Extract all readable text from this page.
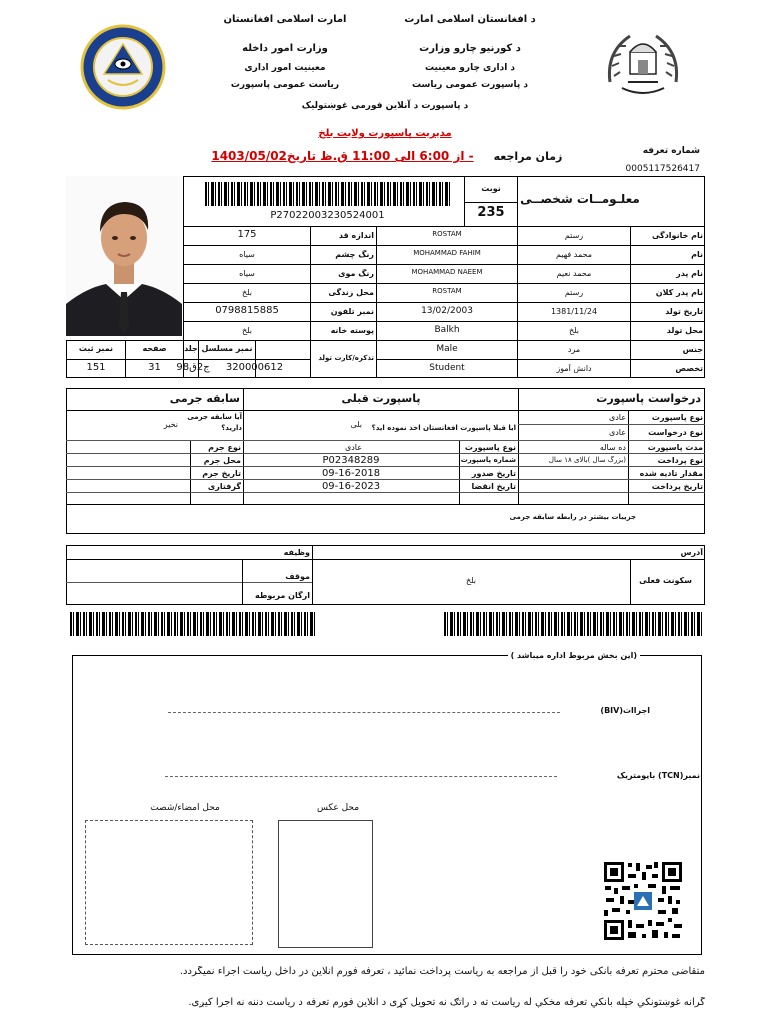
د افغانستان اسلامی امارت
امارت اسلامی افغانستان
د کورنیو چارو وزارت
وزارت امور داخله
د اداری چارو معینیت
معینیت امور اداری
د پاسپورت عمومی ریاست
ریاست عمومی پاسپورت
د پاسپورت د آنلاین فورمی غوښتولیک
مدیریت پاسپورت ولایت بلخ
زمان مراجعه
- از 6:00 الی 11:00 ق.ظ تاریخ1403/05/02	شماره تعرفه
0005117526417
معلـومــات شخصــی
نوبت
235
P27022003230524001
نام خانوادگی
نام
نام پدر
نام پدر کلان
تاریخ تولد
محل تولد
جنس
تخصص
رستم
محمد فهیم
محمد نعیم
رستم
1381/11/24
بلخ
مرد
دانش آموز
ROSTAM
MOHAMMAD FAHIM
MOHAMMAD NAEEM
ROSTAM
13/02/2003
Balkh
Male
Student
اندازه قد
رنگ چشم
رنگ موی
محل زندگی
نمبر تلفون
پوسته خانه
تذکره/کارت تولد
175
سیاه
سیاه
بلخ
0798815885
بلخ
نمبر مسلسل
جلد
صفحه
نمبر ثبت
320000612
98ج2ق
31
151
درخواست پاسپورت
پاسپورت قبلی
سابقه جرمی
نوع پاسپورت
عادی
نوع درخواست
عادی
مدت پاسپورت
ده ساله
نوع پرداخت
(بزرگ سال )بالای ۱۸ سال
مقدار تادیه شده
تاریخ پرداخت
آیا قبلا پاسپورت افغانستان اخذ نموده اید؟
بلی
نوع پاسپورت
عادی
شماره پاسپورت
P02348289
تاریخ صدور
09-16-2018
تاریخ انقضا
09-16-2023
آیا سابقه جرمی دارید؟
نخیر
نوع جرم
محل جرم
تاریخ جرم
گرفتاری
جزییات بیشتر در رابطه سابقه جرمی
آدرس
وظیفه
سکونت فعلی
بلخ
موقف
ارگان مربوطه
(این بخش مربوط اداره میباشد )
اجراات(BIV)
نمبر(TCN) بایومتریک
محل عکس
محل امضاء/شصت
متقاضی محترم تعرفه بانکی خود را قبل از مراجعه به ریاست پرداخت نمائید ، تعرفه فورم آنلاین در داخل ریاست اجراء نمیگردد.
گرانه غوښتونکي خپله بانکي تعرفه مخکې له ریاست ته د راتګ نه تحویل کړی د انلاین فورم تعرفه د ریاست دننه نه اجرا کیږی.
